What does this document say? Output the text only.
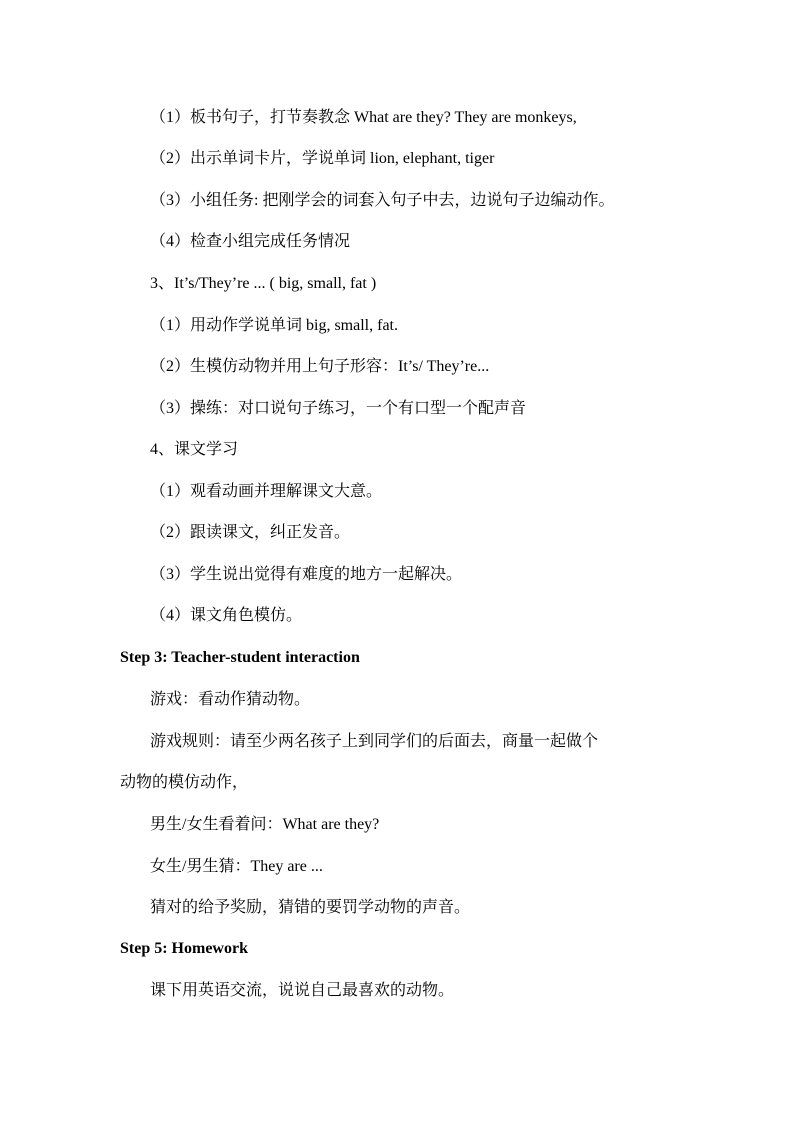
（1）板书句子，打节奏教念 What are they? They are monkeys,
（2）出示单词卡片，学说单词 lion, elephant, tiger
（3）小组任务: 把刚学会的词套入句子中去，边说句子边编动作。
（4）检查小组完成任务情况
3、It’s/They’re ... ( big, small, fat )
（1）用动作学说单词 big, small, fat.
（2）生模仿动物并用上句子形容：It’s/ They’re...
（3）操练：对口说句子练习，一个有口型一个配声音
4、课文学习
（1）观看动画并理解课文大意。
（2）跟读课文，纠正发音。
（3）学生说出觉得有难度的地方一起解决。
（4）课文角色模仿。
Step 3: Teacher-student interaction
游戏：看动作猜动物。
游戏规则：请至少两名孩子上到同学们的后面去，商量一起做个
动物的模仿动作，
男生/女生看着问：What are they?
女生/男生猜：They are ...
猜对的给予奖励，猜错的要罚学动物的声音。
Step 5: Homework
课下用英语交流，说说自己最喜欢的动物。
